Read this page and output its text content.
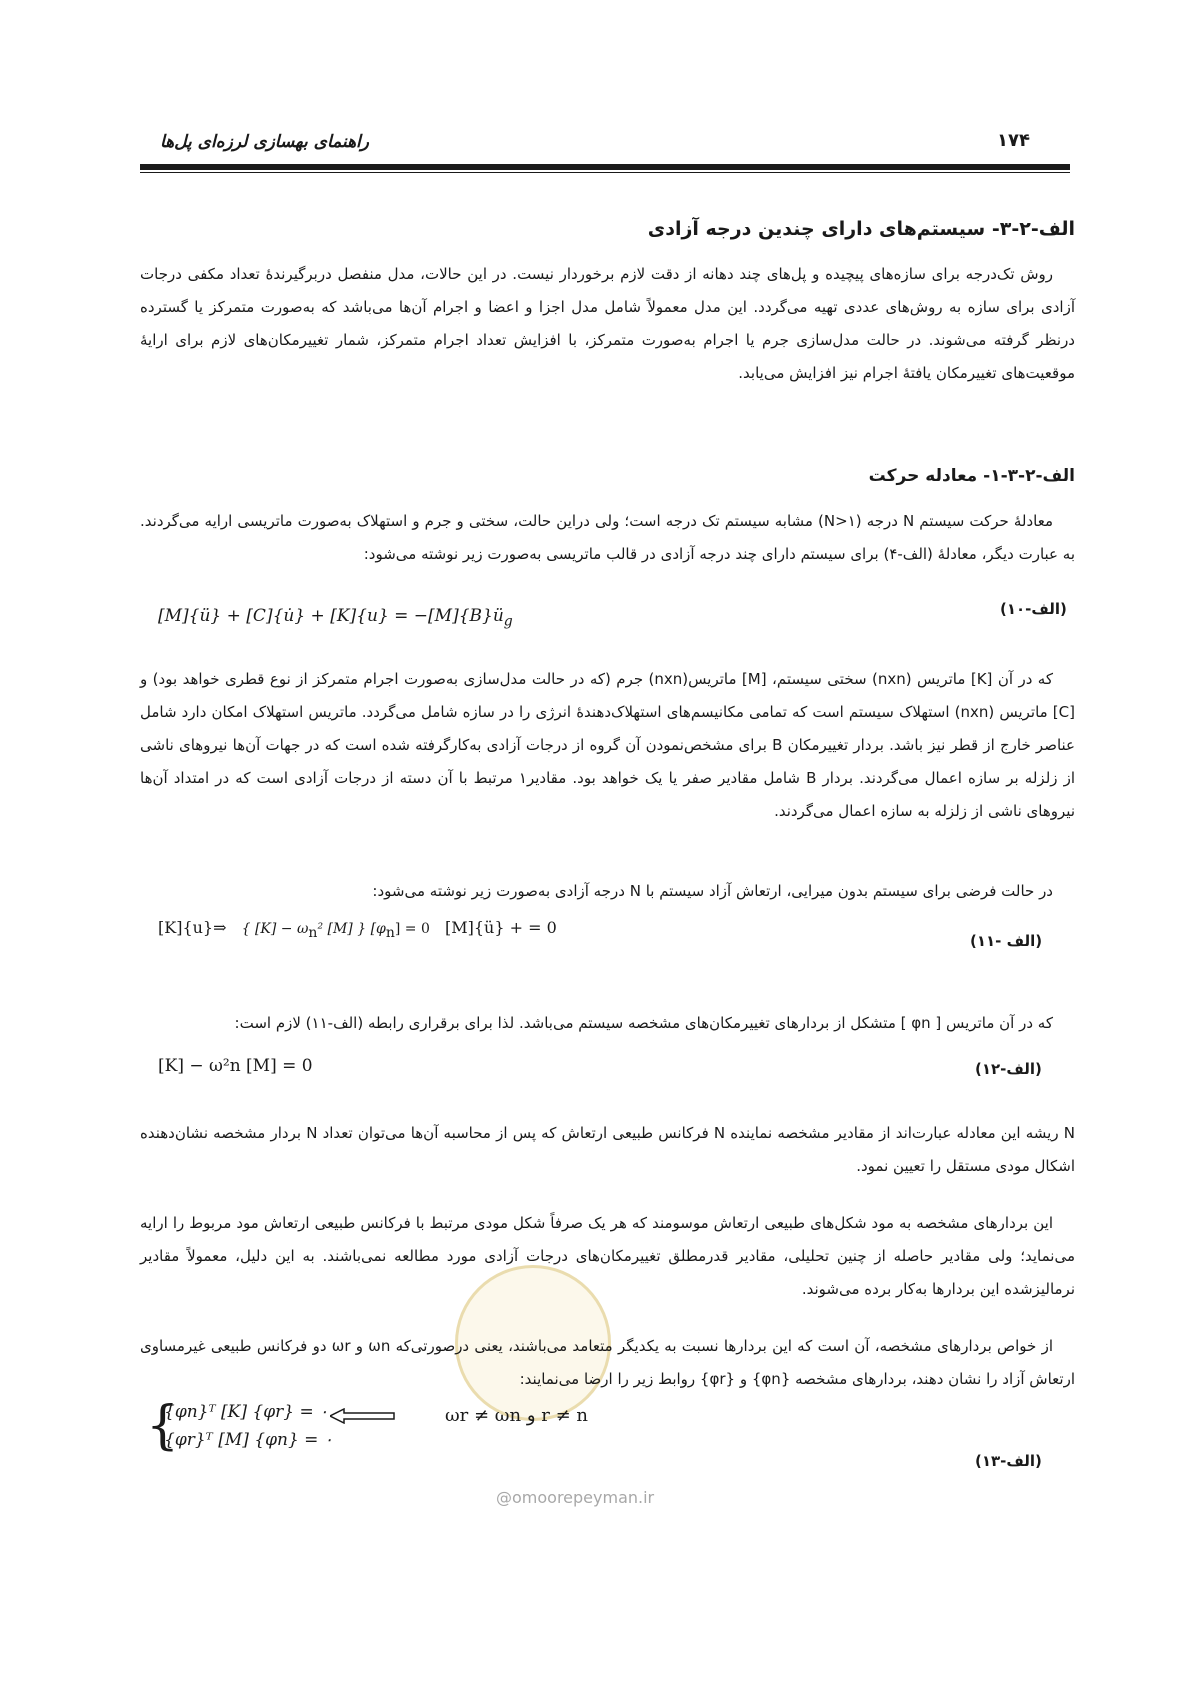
راهنمای بهسازی لرزه‌ای پل‌ها	۱۷۴
الف-۲-۳- سیستم‌های دارای چندین درجه آزادی
روش تک‌درجه برای سازه‌های پیچیده و پل‌های چند دهانه از دقت لازم برخوردار نیست. در این حالات، مدل منفصل دربرگیرندۀ تعداد مکفی درجات آزادی برای سازه به روش‌های عددی تهیه می‌گردد. این مدل معمولاً شامل مدل اجزا و اعضا و اجرام آن‌ها می‌باشد که به‌صورت متمرکز یا گسترده درنظر گرفته می‌شوند. در حالت مدل‌سازی جرم یا اجرام به‌صورت متمرکز، با افزایش تعداد اجرام متمرکز، شمار تغییرمکان‌های لازم برای ارایۀ موقعیت‌های تغییرمکان یافتۀ اجرام نیز افزایش می‌یابد.
الف-۲-۳-۱- معادله حرکت
معادلۀ حرکت سیستم N درجه (N>۱) مشابه سیستم تک درجه است؛ ولی دراین حالت، سختی و جرم و استهلاک به‌صورت ماتریسی ارایه می‌گردند. به عبارت دیگر، معادلۀ (الف-۴) برای سیستم دارای چند درجه آزادی در قالب ماتریسی به‌صورت زیر نوشته می‌شود:
[M]{ü} + [C]{u̇} + $[K]\{u\} = -[M]\{B\}ü_g$
(الف-۱۰)
که در آن [K] ماتریس (nxn) سختی سیستم، [M] ماتریس(nxn) جرم (که در حالت مدل‌سازی به‌صورت اجرام متمرکز از نوع قطری خواهد بود) و [C] ماتریس (nxn) استهلاک سیستم است که تمامی مکانیسم‌های استهلاک‌دهندۀ انرژی را در سازه شامل می‌گردد. ماتریس استهلاک امکان دارد شامل عناصر خارج از قطر نیز باشد. بردار تغییرمکان B برای مشخص‌نمودن آن گروه از درجات آزادی به‌کارگرفته شده است که در جهات آن‌ها نیروهای ناشی از زلزله بر سازه اعمال می‌گردند. بردار B شامل مقادیر صفر یا یک خواهد بود. مقادیر۱ مرتبط با آن دسته از درجات آزادی است که در امتداد آن‌ها نیروهای ناشی از زلزله به سازه اعمال می‌گردند.
در حالت فرضی برای سیستم بدون میرایی، ارتعاش آزاد سیستم با N درجه آزادی به‌صورت زیر نوشته می‌شود:
[K]{u}⇒ { $[K] - \omega_n^2$ [M] } $[\varphi_n] = 0$ [M]{ü} + = 0
(الف -۱۱)
که در آن ماتریس [ φn ] متشکل از بردارهای تغییرمکان‌های مشخصه سیستم می‌باشد. لذا برای برقراری رابطه (الف-۱۱) لازم است:
[K] − ω²n [M] = 0	(الف-۱۲)
N ریشه این معادله عبارت‌اند از مقادیر مشخصه نماینده N فرکانس طبیعی ارتعاش که پس از محاسبه آن‌ها می‌توان تعداد N بردار مشخصه نشان‌دهنده اشکال مودی مستقل را تعیین نمود.
این بردارهای مشخصه به مود شکل‌های طبیعی ارتعاش موسومند که هر یک صرفاً شکل مودی مرتبط با فرکانس طبیعی ارتعاش مود مربوط را ارایه می‌نماید؛ ولی مقادیر حاصله از چنین تحلیلی، مقادیر قدرمطلق تغییرمکان‌های درجات آزادی مورد مطالعه نمی‌باشند. به این دلیل، معمولاً مقادیر نرمالیزشده این بردارها به‌کار برده می‌شوند.
@omoorepeyman.ir
از خواص بردارهای مشخصه، آن است که این بردارها نسبت به یکدیگر متعامد می‌باشند، یعنی درصورتی‌که ωn و ωr دو فرکانس طبیعی غیرمساوی ارتعاش آزاد را نشان دهند، بردارهای مشخصه {φn} و {φr} روابط زیر را ارضا می‌نمایند:
{
{φn}ᵀ [K] {φr} = ۰
{φr}ᵀ [M] {φn} = ۰
ωr ≠ ωn و r ≠ n
(الف-۱۳)
